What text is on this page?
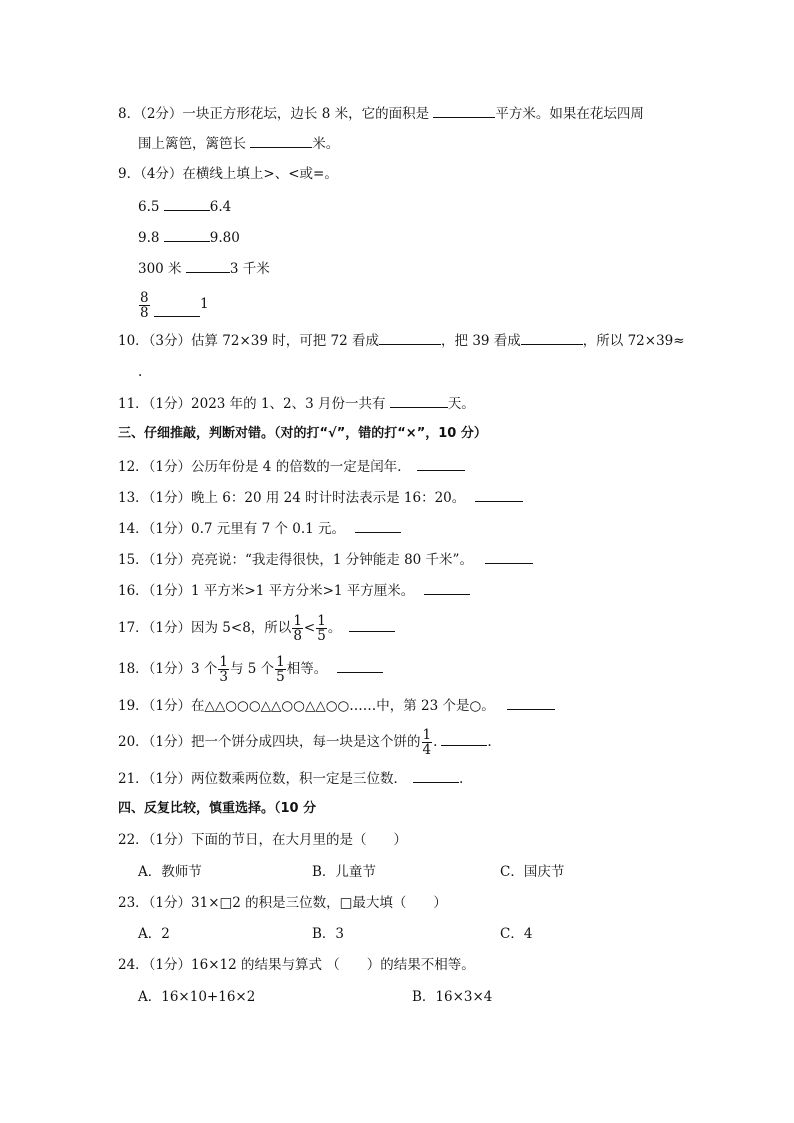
8．（2分）一块正方形花坛，边长 8 米，它的面积是	平方米。如果在花坛四周
围上篱笆，篱笆长	米。
9．（4分）在横线上填上>、<或=。
6.5	6.4
9.8	9.80
300 米	3 千米
$\frac{8}{8}$	1
10．（3分）估算 72×39 时，可把 72 看成	，把 39 看成	，所以 72×39≈
.
11．（1分）2023 年的 1、2、3 月份一共有	天。
三、仔细推敲，判断对错。（对的打“√”，错的打“×”，10 分）
12．（1分）公历年份是 4 的倍数的一定是闰年．
13．（1分）晚上 6：20 用 24 时计时法表示是 16：20。
14．（1分）0.7 元里有 7 个 0.1 元。
15．（1分）亮亮说：“我走得很快，1 分钟能走 80 千米”。
16．（1分）1 平方米>1 平方分米>1 平方厘米。
17．（1分）因为 5<8，所以 $\frac{1}{8} < \frac{1}{5}$ 。
18．（1分）3 个 $\frac{1}{3}$ 与 5 个 $\frac{1}{5}$ 相等。
19．（1分）在△△○○○△△○○△△○○……中，第 23 个是○。
20．（1分）把一个饼分成四块，每一块是这个饼的 $\frac{1}{4}$ .	.
21．（1分）两位数乘两位数，积一定是三位数．	.
四、反复比较，慎重选择。（10 分
22．（1分）下面的节日，在大月里的是（　　）
A．教师节	B．儿童节	C．国庆节
23．（1分）31×□2 的积是三位数，□最大填（　　）
A．2	B．3	C．4
24．（1分）16×12 的结果与算式 （　　）的结果不相等。
A．16×10+16×2	B．16×3×4
